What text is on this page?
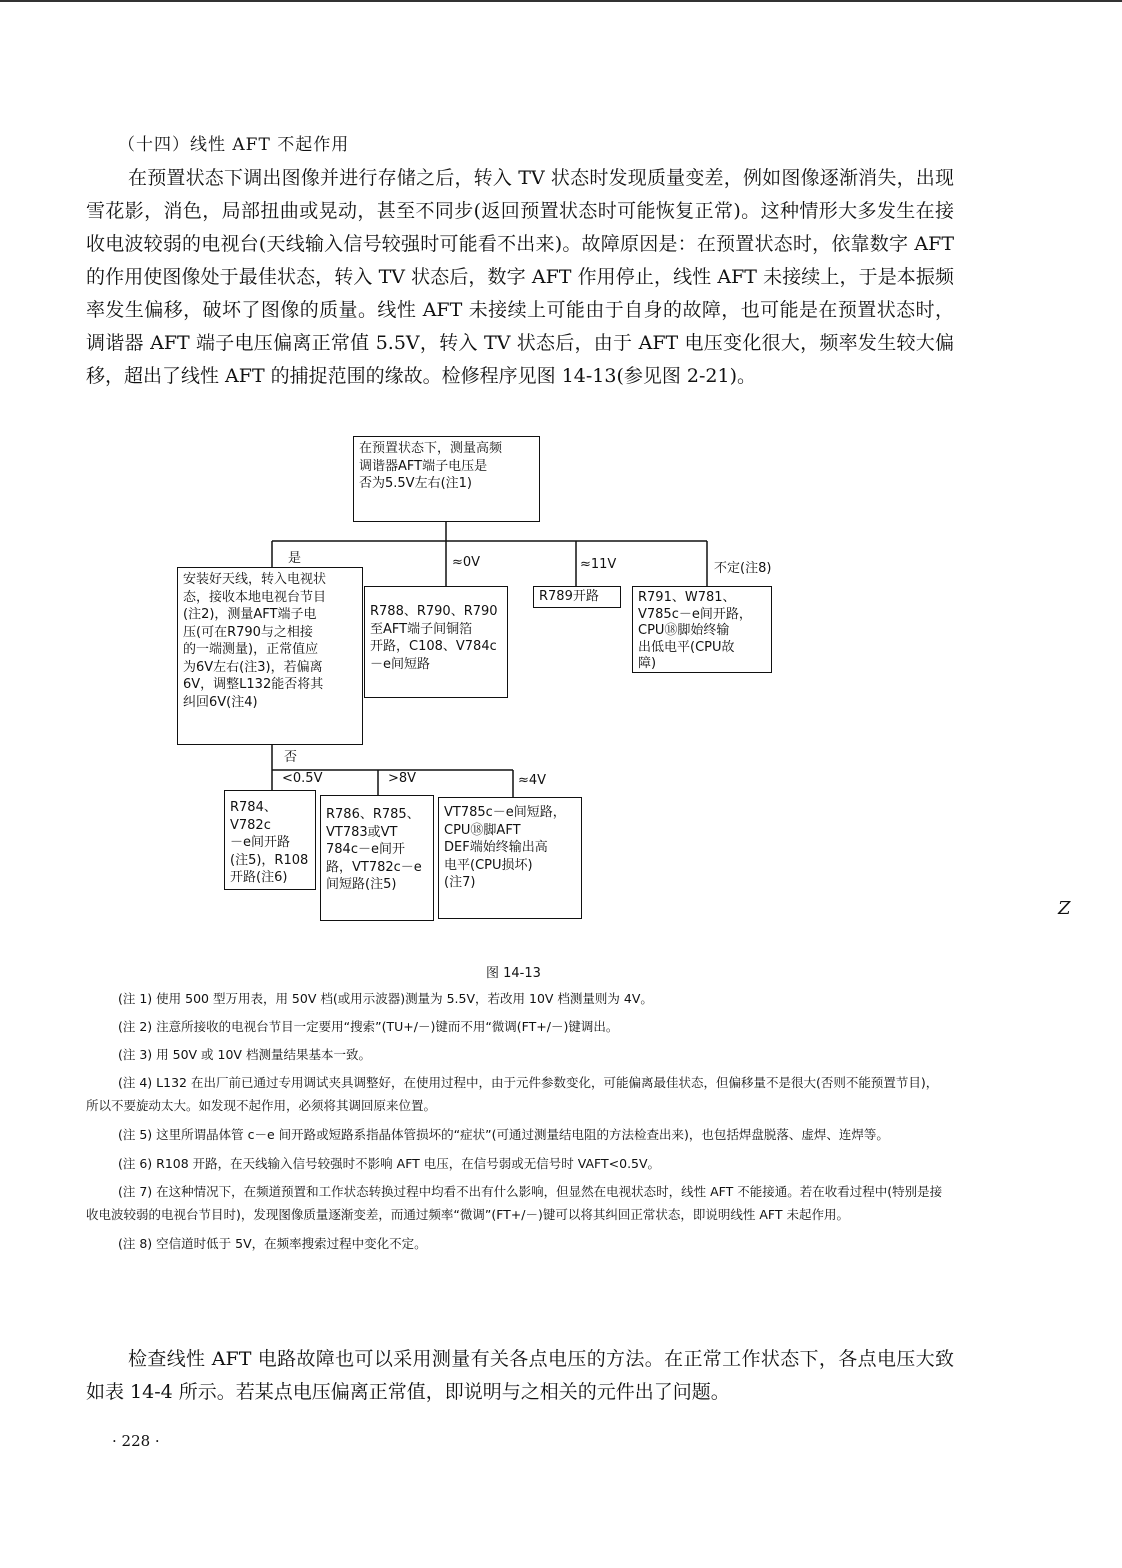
（十四）线性 AFT 不起作用

在预置状态下调出图像并进行存储之后，转入 TV 状态时发现质量变差，例如图像逐渐消失，出现雪花影，消色，局部扭曲或晃动，甚至不同步(返回预置状态时可能恢复正常)。这种情形大多发生在接收电波较弱的电视台(天线输入信号较强时可能看不出来)。故障原因是：在预置状态时，依靠数字 AFT 的作用使图像处于最佳状态，转入 TV 状态后，数字 AFT 作用停止，线性 AFT 未接续上，于是本振频率发生偏移，破坏了图像的质量。线性 AFT 未接续上可能由于自身的故障，也可能是在预置状态时，调谐器 AFT 端子电压偏离正常值 5.5V，转入 TV 状态后，由于 AFT 电压变化很大，频率发生较大偏移，超出了线性 AFT 的捕捉范围的缘故。检修程序见图 14-13(参见图 2-21)。

在预置状态下，测量高频
调谐器AFT端子电压是
否为5.5V左右(注1)
是	≈0V	≈11V	不定(注8)
安装好天线，转入电视状
态，接收本地电视台节目
(注2)，测量AFT端子电
压(可在R790与之相接
的一端测量)，正常值应
为6V左右(注3)，若偏离
6V，调整L132能否将其
纠回6V(注4)
R788、R790、R790
至AFT端子间铜箔
开路，C108、V784c
－e间短路
R789开路	R791、W781、
V785c－e间开路，
CPU⑱脚始终输
出低电平(CPU故
障)
否
<0.5V	>8V	≈4V
R784、V782c
－e间开路
(注5)，R108
开路(注6)
R786、R785、
VT783或VT
784c－e间开
路，VT782c－e
间短路(注5)
VT785c－e间短路，
CPU⑱脚AFT
DEF端始终输出高
电平(CPU损坏)
(注7)
Z
图 14-13

(注 1) 使用 500 型万用表，用 50V 档(或用示波器)测量为 5.5V，若改用 10V 档测量则为 4V。

(注 2) 注意所接收的电视台节目一定要用“搜索”(TU+/－)键而不用“微调(FT+/－)键调出。

(注 3) 用 50V 或 10V 档测量结果基本一致。

(注 4) L132 在出厂前已通过专用调试夹具调整好，在使用过程中，由于元件参数变化，可能偏离最佳状态，但偏移量不是很大(否则不能预置节目)，所以不要旋动太大。如发现不起作用，必须将其调回原来位置。

(注 5) 这里所谓晶体管 c－e 间开路或短路系指晶体管损坏的“症状”(可通过测量结电阻的方法检查出来)，也包括焊盘脱落、虚焊、连焊等。

(注 6) R108 开路，在天线输入信号较强时不影响 AFT 电压，在信号弱或无信号时 VAFT<0.5V。

(注 7) 在这种情况下，在频道预置和工作状态转换过程中均看不出有什么影响，但显然在电视状态时，线性 AFT 不能接通。若在收看过程中(特别是接收电波较弱的电视台节目时)，发现图像质量逐渐变差，而通过频率“微调”(FT+/－)键可以将其纠回正常状态，即说明线性 AFT 未起作用。

(注 8) 空信道时低于 5V，在频率搜索过程中变化不定。

检查线性 AFT 电路故障也可以采用测量有关各点电压的方法。在正常工作状态下，各点电压大致如表 14-4 所示。若某点电压偏离正常值，即说明与之相关的元件出了问题。

· 228 ·
